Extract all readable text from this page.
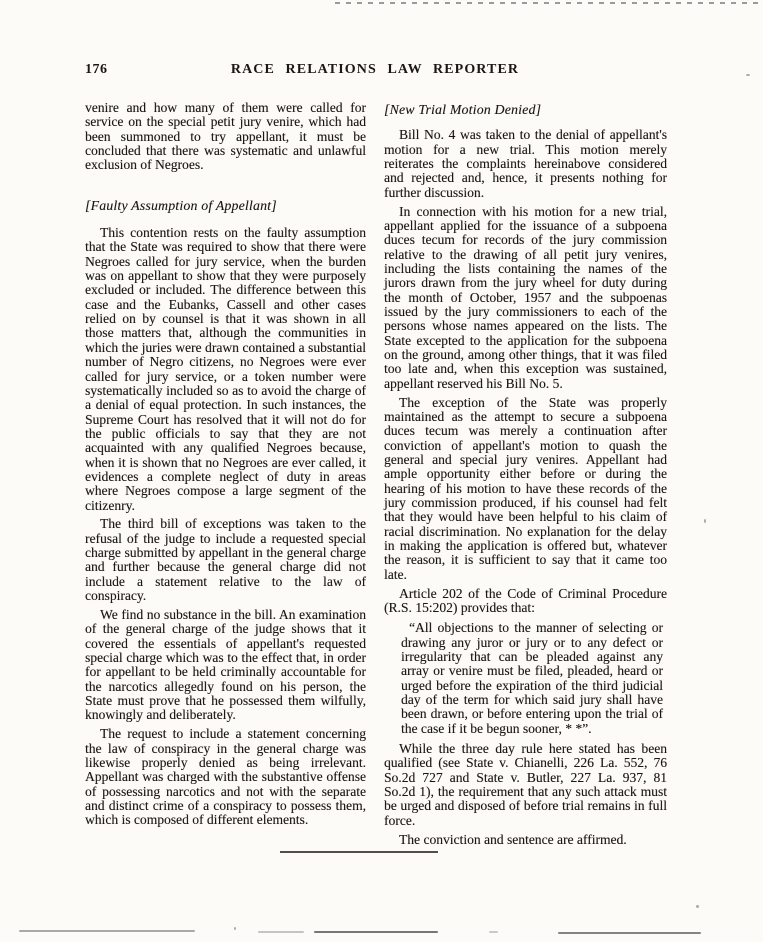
176	RACE RELATIONS LAW REPORTER

venire and how many of them were called for service on the special petit jury venire, which had been summoned to try appellant, it must be concluded that there was systematic and unlawful exclusion of Negroes.

[Faulty Assumption of Appellant]

This contention rests on the faulty assumption that the State was required to show that there were Negroes called for jury service, when the burden was on appellant to show that they were purposely excluded or included. The difference between this case and the Eubanks, Cassell and other cases relied on by counsel is that it was shown in all those matters that, although the communities in which the juries were drawn contained a substantial number of Negro citizens, no Negroes were ever called for jury service, or a token number were systematically included so as to avoid the charge of a denial of equal protection. In such instances, the Supreme Court has resolved that it will not do for the public officials to say that they are not acquainted with any qualified Negroes because, when it is shown that no Negroes are ever called, it evidences a complete neglect of duty in areas where Negroes compose a large segment of the citizenry.

The third bill of exceptions was taken to the refusal of the judge to include a requested special charge submitted by appellant in the general charge and further because the general charge did not include a statement relative to the law of conspiracy.

We find no substance in the bill. An examination of the general charge of the judge shows that it covered the essentials of appellant's requested special charge which was to the effect that, in order for appellant to be held criminally accountable for the narcotics allegedly found on his person, the State must prove that he possessed them wilfully, knowingly and deliberately.

The request to include a statement concerning the law of conspiracy in the general charge was likewise properly denied as being irrelevant. Appellant was charged with the substantive offense of possessing narcotics and not with the separate and distinct crime of a conspiracy to possess them, which is composed of different elements.

[New Trial Motion Denied]

Bill No. 4 was taken to the denial of appellant's motion for a new trial. This motion merely reiterates the complaints hereinabove considered and rejected and, hence, it presents nothing for further discussion.

In connection with his motion for a new trial, appellant applied for the issuance of a subpoena duces tecum for records of the jury commission relative to the drawing of all petit jury venires, including the lists containing the names of the jurors drawn from the jury wheel for duty during the month of October, 1957 and the subpoenas issued by the jury commissioners to each of the persons whose names appeared on the lists. The State excepted to the application for the subpoena on the ground, among other things, that it was filed too late and, when this exception was sustained, appellant reserved his Bill No. 5.

The exception of the State was properly maintained as the attempt to secure a subpoena duces tecum was merely a continuation after conviction of appellant's motion to quash the general and special jury venires. Appellant had ample opportunity either before or during the hearing of his motion to have these records of the jury commission produced, if his counsel had felt that they would have been helpful to his claim of racial discrimination. No explanation for the delay in making the application is offered but, whatever the reason, it is sufficient to say that it came too late.

Article 202 of the Code of Criminal Procedure (R.S. 15:202) provides that:

“All objections to the manner of selecting or drawing any juror or jury or to any defect or irregularity that can be pleaded against any array or venire must be filed, pleaded, heard or urged before the expiration of the third judicial day of the term for which said jury shall have been drawn, or before entering upon the trial of the case if it be begun sooner, * *”.

While the three day rule here stated has been qualified (see State v. Chianelli, 226 La. 552, 76 So.2d 727 and State v. Butler, 227 La. 937, 81 So.2d 1), the requirement that any such attack must be urged and disposed of before trial remains in full force.

The conviction and sentence are affirmed.
